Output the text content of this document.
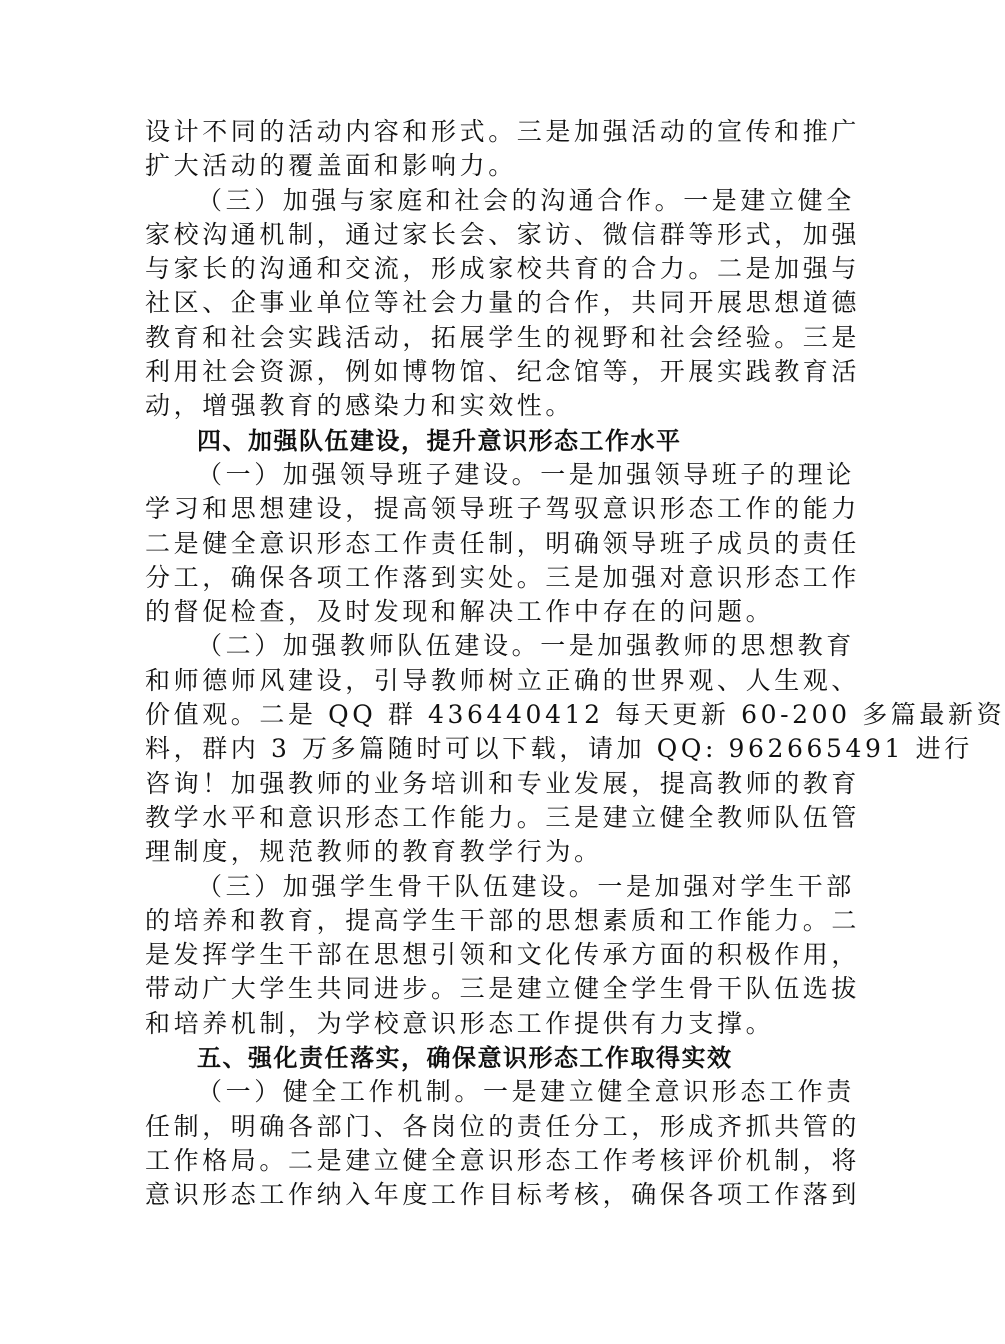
设计不同的活动内容和形式。三是加强活动的宣传和推广
扩大活动的覆盖面和影响力。
（三）加强与家庭和社会的沟通合作。一是建立健全
家校沟通机制，通过家长会、家访、微信群等形式，加强
与家长的沟通和交流，形成家校共育的合力。二是加强与
社区、企事业单位等社会力量的合作，共同开展思想道德
教育和社会实践活动，拓展学生的视野和社会经验。三是
利用社会资源，例如博物馆、纪念馆等，开展实践教育活
动，增强教育的感染力和实效性。
四、加强队伍建设，提升意识形态工作水平
（一）加强领导班子建设。一是加强领导班子的理论
学习和思想建设，提高领导班子驾驭意识形态工作的能力
二是健全意识形态工作责任制，明确领导班子成员的责任
分工，确保各项工作落到实处。三是加强对意识形态工作
的督促检查，及时发现和解决工作中存在的问题。
（二）加强教师队伍建设。一是加强教师的思想教育
和师德师风建设，引导教师树立正确的世界观、人生观、
价值观。二是 QQ 群 436440412 每天更新 60-200 多篇最新资
料，群内 3 万多篇随时可以下载，请加 QQ: 962665491 进行
咨询！加强教师的业务培训和专业发展，提高教师的教育
教学水平和意识形态工作能力。三是建立健全教师队伍管
理制度，规范教师的教育教学行为。
（三）加强学生骨干队伍建设。一是加强对学生干部
的培养和教育，提高学生干部的思想素质和工作能力。二
是发挥学生干部在思想引领和文化传承方面的积极作用，
带动广大学生共同进步。三是建立健全学生骨干队伍选拔
和培养机制，为学校意识形态工作提供有力支撑。
五、强化责任落实，确保意识形态工作取得实效
（一）健全工作机制。一是建立健全意识形态工作责
任制，明确各部门、各岗位的责任分工，形成齐抓共管的
工作格局。二是建立健全意识形态工作考核评价机制，将
意识形态工作纳入年度工作目标考核，确保各项工作落到
